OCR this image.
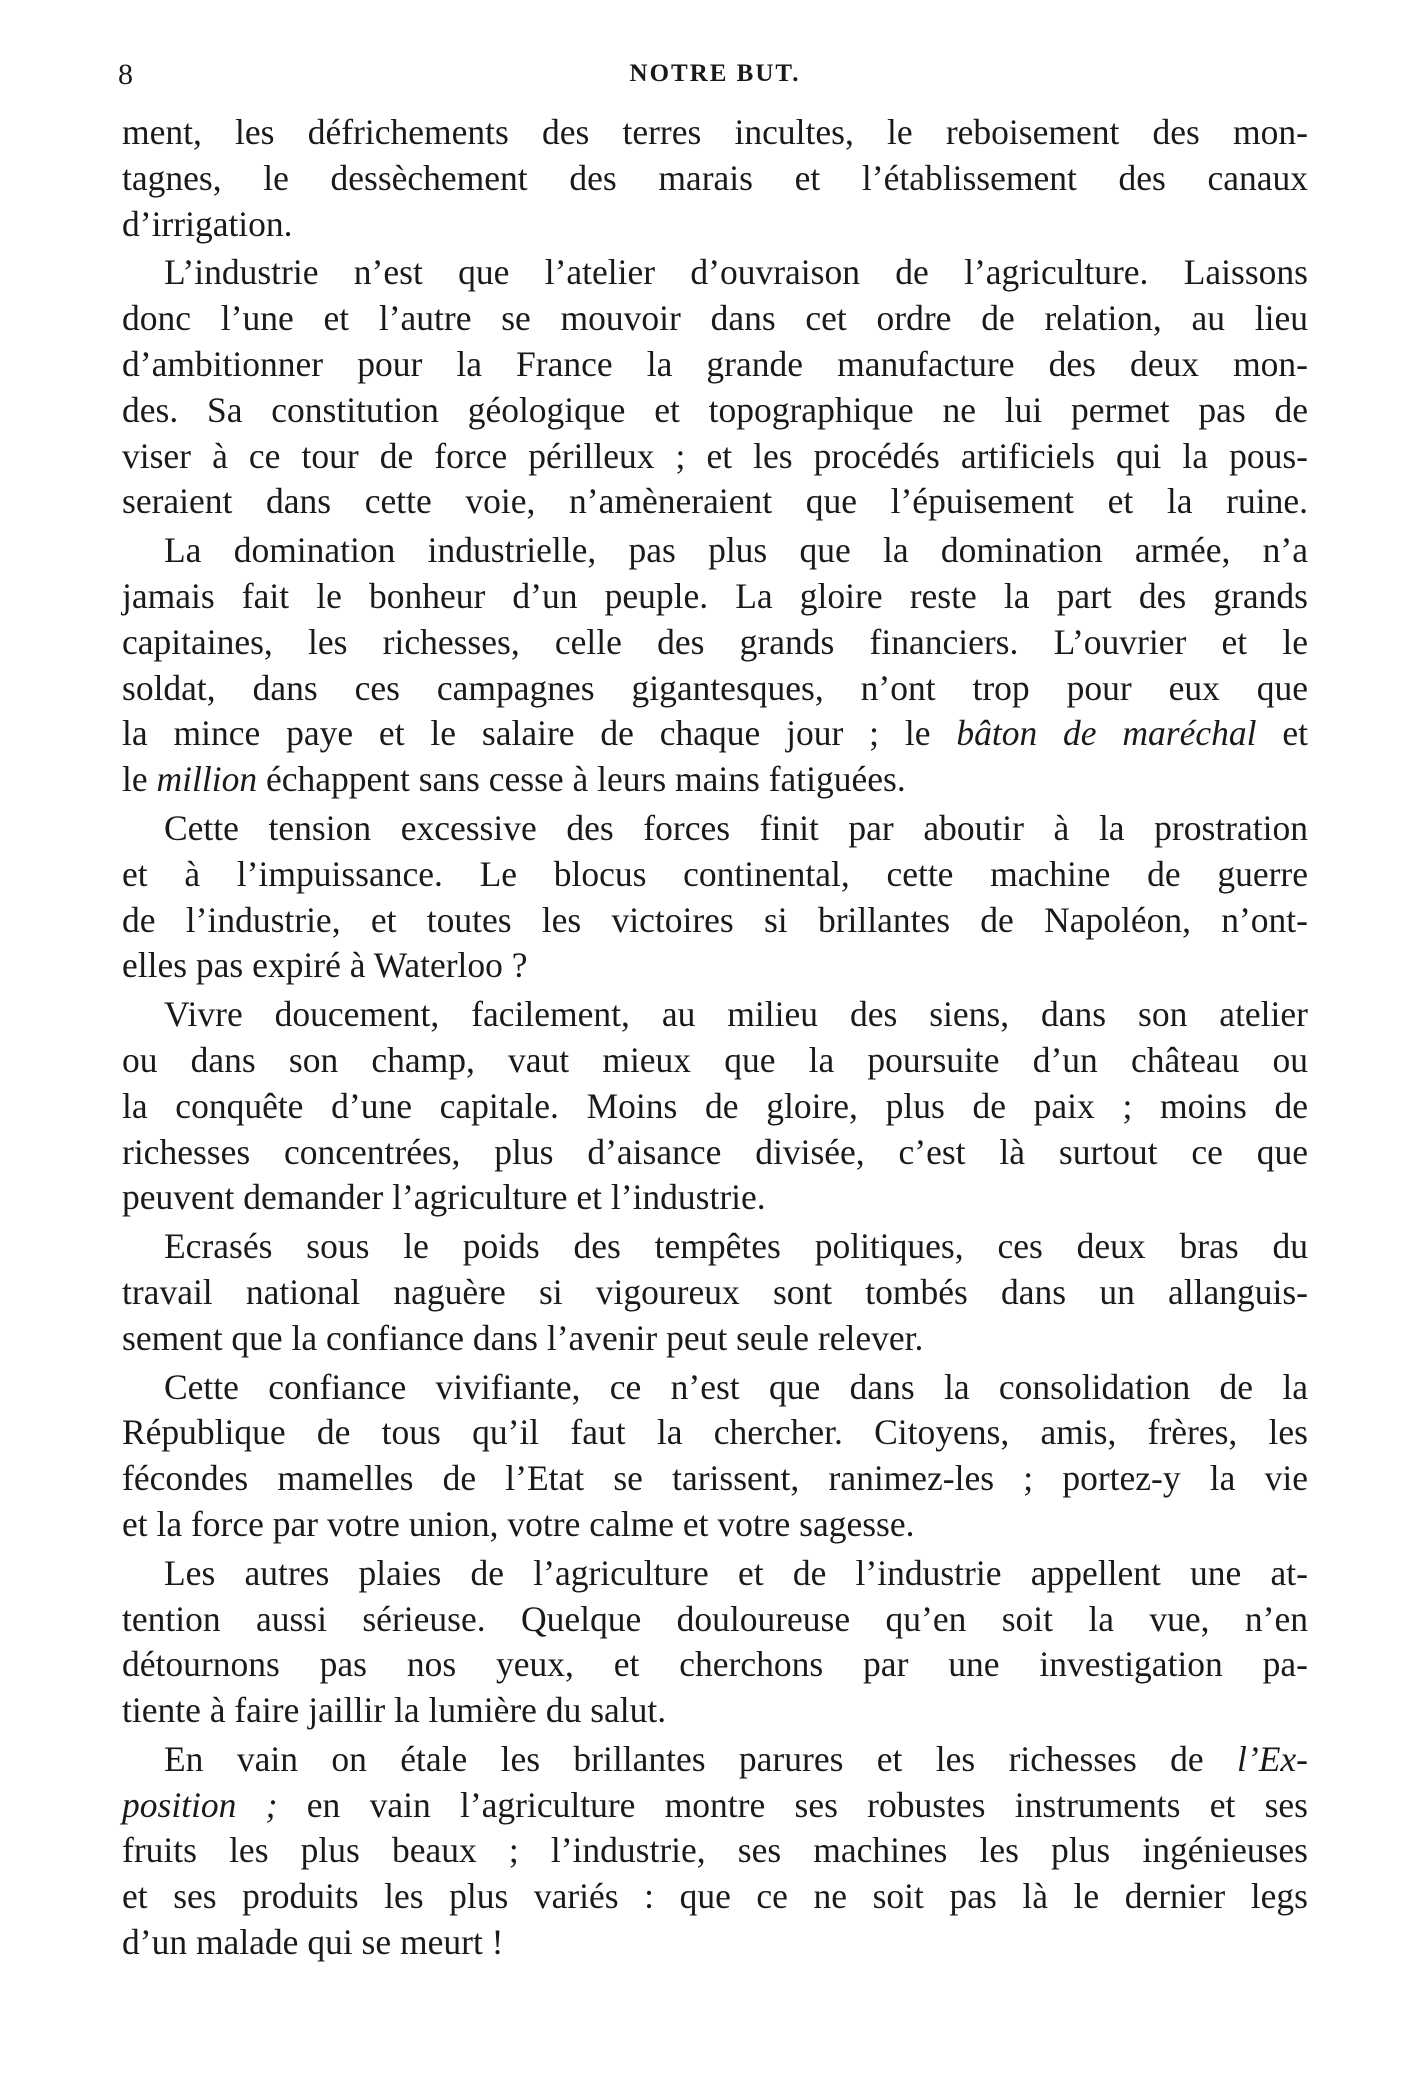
8	NOTRE BUT.
ment, les défrichements des terres incultes, le reboisement des mon-
tagnes, le dessèchement des marais et l’établissement des canaux
d’irrigation.
L’industrie n’est que l’atelier d’ouvraison de l’agriculture. Laissons
donc l’une et l’autre se mouvoir dans cet ordre de relation, au lieu
d’ambitionner pour la France la grande manufacture des deux mon-
des. Sa constitution géologique et topographique ne lui permet pas de
viser à ce tour de force périlleux ; et les procédés artificiels qui la pous-
seraient dans cette voie, n’amèneraient que l’épuisement et la ruine.
La domination industrielle, pas plus que la domination armée, n’a
jamais fait le bonheur d’un peuple. La gloire reste la part des grands
capitaines, les richesses, celle des grands financiers. L’ouvrier et le
soldat, dans ces campagnes gigantesques, n’ont trop pour eux que
la mince paye et le salaire de chaque jour ; le bâton de maréchal et
le million échappent sans cesse à leurs mains fatiguées.
Cette tension excessive des forces finit par aboutir à la prostration
et à l’impuissance. Le blocus continental, cette machine de guerre
de l’industrie, et toutes les victoires si brillantes de Napoléon, n’ont-
elles pas expiré à Waterloo ?
Vivre doucement, facilement, au milieu des siens, dans son atelier
ou dans son champ, vaut mieux que la poursuite d’un château ou
la conquête d’une capitale. Moins de gloire, plus de paix ; moins de
richesses concentrées, plus d’aisance divisée, c’est là surtout ce que
peuvent demander l’agriculture et l’industrie.
Ecrasés sous le poids des tempêtes politiques, ces deux bras du
travail national naguère si vigoureux sont tombés dans un allanguis-
sement que la confiance dans l’avenir peut seule relever.
Cette confiance vivifiante, ce n’est que dans la consolidation de la
République de tous qu’il faut la chercher. Citoyens, amis, frères, les
fécondes mamelles de l’Etat se tarissent, ranimez-les ; portez-y la vie
et la force par votre union, votre calme et votre sagesse.
Les autres plaies de l’agriculture et de l’industrie appellent une at-
tention aussi sérieuse. Quelque douloureuse qu’en soit la vue, n’en
détournons pas nos yeux, et cherchons par une investigation pa-
tiente à faire jaillir la lumière du salut.
En vain on étale les brillantes parures et les richesses de l’Ex-
position ; en vain l’agriculture montre ses robustes instruments et ses
fruits les plus beaux ; l’industrie, ses machines les plus ingénieuses
et ses produits les plus variés : que ce ne soit pas là le dernier legs
d’un malade qui se meurt !
